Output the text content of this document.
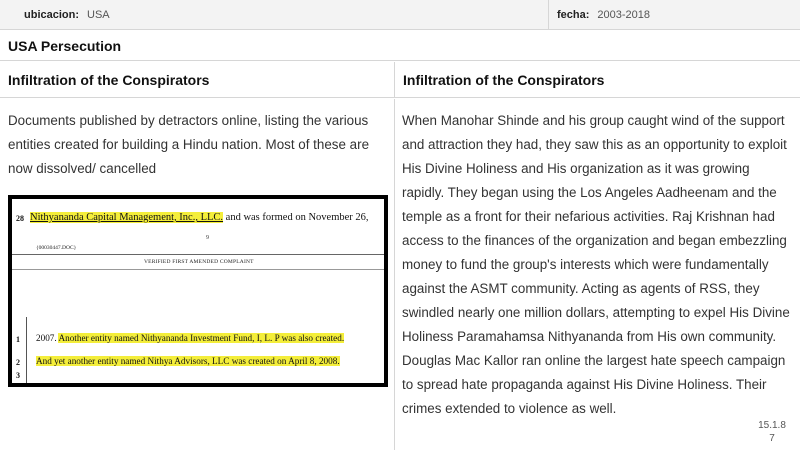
ubicacion: USA	fecha: 2003-2018
USA Persecution
Infiltration of the Conspirators	Infiltration of the Conspirators

Documents published by detractors online, listing the various entities created for building a Hindu nation. Most of these are now dissolved/ cancelled

28 Nithyananda Capital Management, Inc., LLC. and was formed on November 26,
9
{00030447.DOC}
VERIFIED FIRST AMENDED COMPLAINT
1
2
3
2007. Another entity named Nithyananda Investment Fund, I, L. P was also created.
And yet another entity named Nithya Advisors, LLC was created on April 8, 2008.

When Manohar Shinde and his group caught wind of the support and attraction they had, they saw this as an opportunity to exploit His Divine Holiness and His organization as it was growing rapidly. They began using the Los Angeles Aadheenam and the temple as a front for their nefarious activities. Raj Krishnan had access to the finances of the organization and began embezzling money to fund the group's interests which were fundamentally against the ASMT community. Acting as agents of RSS, they swindled nearly one million dollars, attempting to expel His Divine Holiness Paramahamsa Nithyananda from His own community. Douglas Mac Kallor ran online the largest hate speech campaign to spread hate propaganda against His Divine Holiness. Their crimes extended to violence as well.

15.1.8
7
